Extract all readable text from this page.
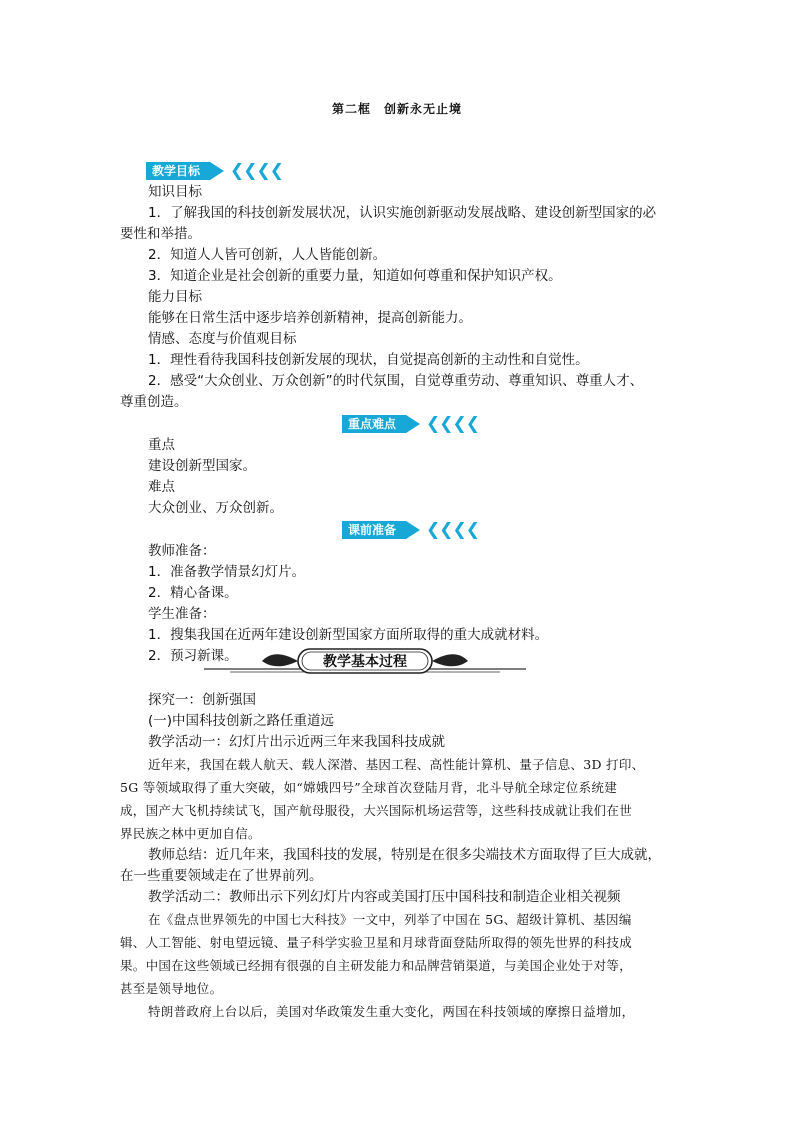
第二框　创新永无止境
教学目标 ❮❮❮❮
知识目标
1．了解我国的科技创新发展状况，认识实施创新驱动发展战略、建设创新型国家的必
要性和举措。
2．知道人人皆可创新，人人皆能创新。
3．知道企业是社会创新的重要力量，知道如何尊重和保护知识产权。
能力目标
能够在日常生活中逐步培养创新精神，提高创新能力。
情感、态度与价值观目标
1．理性看待我国科技创新发展的现状，自觉提高创新的主动性和自觉性。
2．感受“大众创业、万众创新”的时代氛围，自觉尊重劳动、尊重知识、尊重人才、
尊重创造。
重点难点 ❮❮❮❮
重点
建设创新型国家。
难点
大众创业、万众创新。
课前准备 ❮❮❮❮
教师准备：
1．准备教学情景幻灯片。
2．精心备课。
学生准备：
1．搜集我国在近两年建设创新型国家方面所取得的重大成就材料。
2．预习新课。	教学基本过程
探究一：创新强国
(一)中国科技创新之路任重道远
教学活动一：幻灯片出示近两三年来我国科技成就
近年来，我国在载人航天、载人深潜、基因工程、高性能计算机、量子信息、3D 打印、
5G 等领域取得了重大突破，如“嫦娥四号”全球首次登陆月背，北斗导航全球定位系统建
成，国产大飞机持续试飞，国产航母服役，大兴国际机场运营等，这些科技成就让我们在世
界民族之林中更加自信。
教师总结：近几年来，我国科技的发展，特别是在很多尖端技术方面取得了巨大成就，
在一些重要领域走在了世界前列。
教学活动二：教师出示下列幻灯片内容或美国打压中国科技和制造企业相关视频
在《盘点世界领先的中国七大科技》一文中，列举了中国在 5G、超级计算机、基因编
辑、人工智能、射电望远镜、量子科学实验卫星和月球背面登陆所取得的领先世界的科技成
果。中国在这些领域已经拥有很强的自主研发能力和品牌营销渠道，与美国企业处于对等，
甚至是领导地位。
特朗普政府上台以后，美国对华政策发生重大变化，两国在科技领域的摩擦日益增加，
